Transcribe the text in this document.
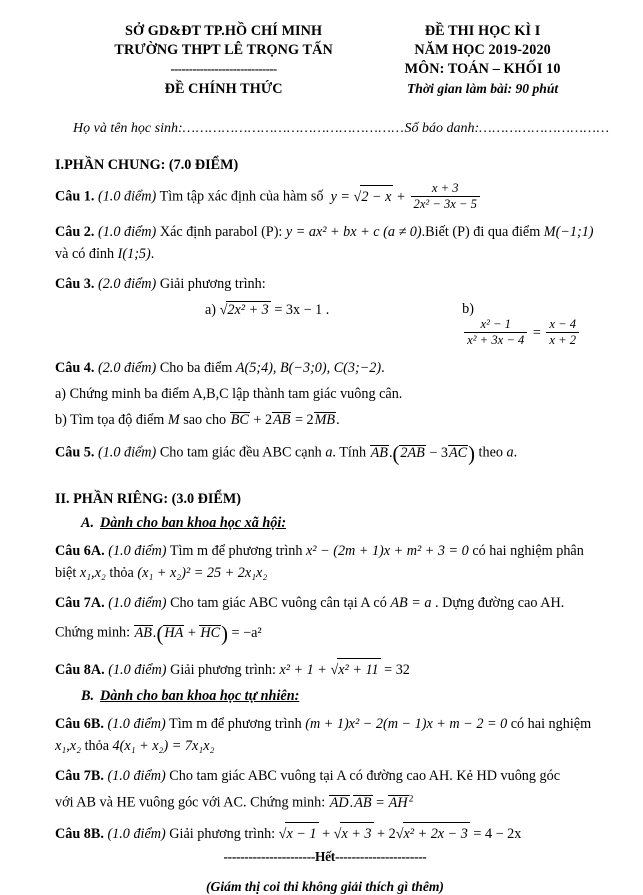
SỞ GD&ĐT TP.HỒ CHÍ MINH
TRƯỜNG THPT LÊ TRỌNG TẤN
-----------------------------
ĐỀ CHÍNH THỨC
ĐỀ THI HỌC KÌ I
NĂM HỌC 2019-2020
MÔN: TOÁN – KHỐI 10
Thời gian làm bài: 90 phút
Họ và tên học sinh:……………………………………………Số báo danh:…………………………
I.PHẦN CHUNG: (7.0 ĐIỂM)
Câu 1. (1.0 điểm) Tìm tập xác định của hàm số $y = √2 - x + \frac{x + 3}{\text{2x² − 3x − 5}}$
Câu 2. (1.0 điểm) Xác định parabol (P): y = ax² + bx + c (a ≠ 0).Biết (P) đi qua điểm M(−1;1) và có đỉnh I(1;5).
Câu 3. (2.0 điểm) Giải phương trình:
a) √2x² + 3 = 3x − 1 .	b)
$\frac{\text{x² − 1}}{\text{x² + 3x − 4}} = \frac{x - 4}{x + 2}$
Câu 4. (2.0 điểm) Cho ba điểm A(5;4), B(−3;0), C(3;−2).
a) Chứng minh ba điểm A,B,C lập thành tam giác vuông cân.
b) Tìm tọa độ điểm M sao cho BC + 2AB = 2MB.
Câu 5. (1.0 điểm) Cho tam giác đều ABC cạnh a. Tính AB.(2AB − 3AC) theo a.
II. PHẦN RIÊNG: (3.0 ĐIỂM)
A. Dành cho ban khoa học xã hội:
Câu 6A. (1.0 điểm) Tìm m để phương trình x² − (2m + 1)x + m² + 3 = 0 có hai nghiệm phân biệt x₁,x₂ thỏa (x₁ + x₂)² = 25 + 2x₁x₂
Câu 7A. (1.0 điểm) Cho tam giác ABC vuông cân tại A có AB = a . Dựng đường cao AH.
Chứng minh: AB.(HA + HC) = −a²
Câu 8A. (1.0 điểm) Giải phương trình: x² + 1 + √x² + 11 = 32
B. Dành cho ban khoa học tự nhiên:
Câu 6B. (1.0 điểm) Tìm m để phương trình (m + 1)x² − 2(m − 1)x + m − 2 = 0 có hai nghiệm x₁,x₂ thỏa 4(x₁ + x₂) = 7x₁x₂
Câu 7B. (1.0 điểm) Cho tam giác ABC vuông tại A có đường cao AH. Kẻ HD vuông góc
với AB và HE vuông góc với AC. Chứng minh: $AD.AB = AH^2$
Câu 8B. (1.0 điểm) Giải phương trình: √x − 1 + √x + 3 + 2√x² + 2x − 3 = 4 − 2x
----------------------Hết----------------------
(Giám thị coi thi không giải thích gì thêm)
